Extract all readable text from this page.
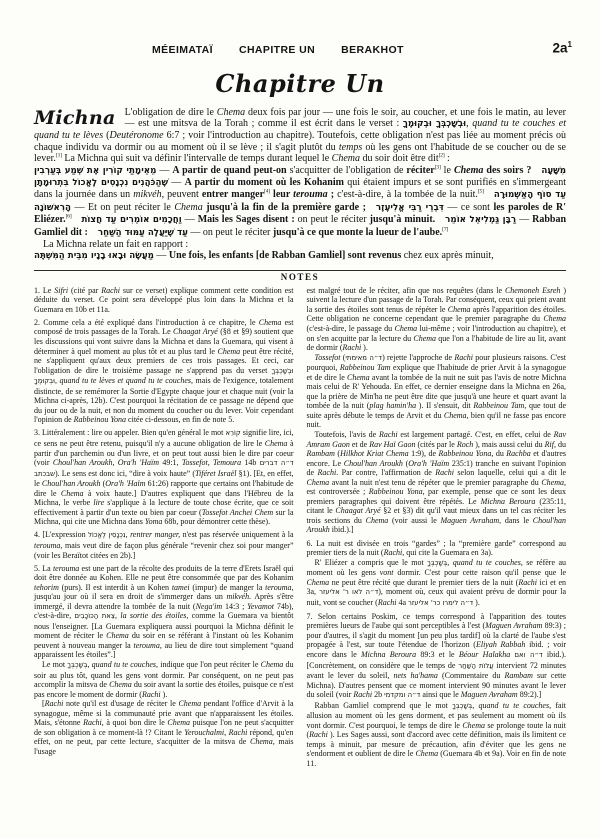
MÉEIMATAÏ CHAPITRE UN BERAKHOT	$2a^1$
Chapitre Un
Michna L'obligation de dire le Chema deux fois par jour — une fois le soir, au coucher, et une fois le matin, au lever — est une mitsva de la Torah ; comme il est écrit dans le verset : וּבְשָׁכְבְּךָ וּבְקוּמֶךָ, quand tu te couches et quand tu te lèves (Deutéronome 6:7 ; voir l'introduction au chapitre). Toutefois, cette obligation n'est pas liée au moment précis où chaque individu va dormir ou au moment où il se lève ; il s'agit plutôt du temps où les gens ont l'habitude de se coucher ou de se lever.[1] La Michna qui suit va définir l'intervalle de temps durant lequel le Chema du soir doit être dit[2] :

מֵאֵימָתַי קוֹרִין אֶת שְׁמַע בְּעַרְבִין — A partir de quand peut-on s'acquitter de l'obligation de réciter[3] le Chema des soirs ?   מִשָּׁעָה שֶׁהַכֹּהֲנִים נִכְנָסִים לֶאֱכוֹל בִּתְרוּמָתָן — A partir du moment où les Kohanim qui étaient impurs et se sont purifiés en s'immergeant dans la journée dans un mikvéh, peuvent entrer manger[4] leur terouma ; c'est-à-dire, à la tombée de la nuit.[5]   עַד סוֹף הָאַשְׁמוּרָה הָרִאשׁוֹנָה — Et on peut réciter le Chema jusqu'à la fin de la première garde ;   דִּבְרֵי רַבִּי אֱלִיעֶזֶר — ce sont les paroles de R' Eliézer.[6]   וַחֲכָמִים אוֹמְרִים עַד חֲצוֹת — Mais les Sages disent : on peut le réciter jusqu'à minuit.   רַבָּן גַּמְלִיאֵל אוֹמֵר — Rabban Gamliel dit :   עַד שֶׁיַּעֲלֶה עַמּוּד הַשַּׁחַר — on peut le réciter jusqu'à ce que monte la lueur de l'aube.[7]

La Michna relate un fait en rapport :

מַעֲשֶׂה וּבָאוּ בָנָיו מִבֵּית הַמִּשְׁתֶּה — Une fois, les enfants [de Rabban Gamliel] sont revenus chez eux après minuit,

NOTES

1. Le Sifri (cité par Rachi sur ce verset) explique comment cette condition est déduite du verset. Ce point sera développé plus loin dans la Michna et la Guemara en 10b et 11a.

2. Comme cela a été expliqué dans l'introduction à ce chapitre, le Chema est composé de trois passages de la Torah. Le Chaagat Aryé (§8 et §9) soutient que les discussions qui vont suivre dans la Michna et dans la Guemara, qui visent à déterminer à quel moment au plus tôt et au plus tard le Chema peut être récité, ne s'appliquent qu'aux deux premiers de ces trois passages. Et ceci, car l'obligation de dire le troisième passage ne s'apprend pas du verset וּבְשָׁכְבְּךָ וּבְקוּמֶךָ, quand tu te lèves et quand tu te couches, mais de l'exigence, totalement distincte, de se remémorer la Sortie d'Egypte chaque jour et chaque nuit (voir la Michna ci-après, 12b). C'est pourquoi la récitation de ce passage ne dépend que du jour ou de la nuit, et non du moment du coucher ou du lever. Voir cependant l'opinion de Rabbeinou Yona citée ci-dessous, en fin de note 5.

3. Littéralement : lire ou appeler. Bien qu'en général le mot קוֹרֵא signifie lire, ici, ce sens ne peut être retenu, puisqu'il n'y a aucune obligation de lire le Chema à partir d'un parchemin ou d'un livre, et on peut tout aussi bien le dire par coeur (voir Choul'han Aroukh, Ora'h 'Haïm 49:1, Tossefot, Temoura 14b ד״ה דברים שבכתב). Le sens est donc ici, “dire à voix haute” (Tiféret Israël §1). [Et, en effet, le Choul'han Aroukh (Ora'h 'Haïm 61:26) rapporte que certains ont l'habitude de dire le Chema à voix haute.] D'autres expliquent que dans l'Hébreu de la Michna, le verbe lire s'applique à la lecture de toute chose écrite, que ce soit effectivement à partir d'un texte ou bien par coeur (Tossefot Anchei Chem sur la Michna, qui cite une Michna dans Yoma 68b, pour démontrer cette thèse).

4. [L'expression נִכְנָסִין לֶאֱכוֹל, rentrer manger, n'est pas réservée uniquement à la terouma, mais veut dire de façon plus générale “revenir chez soi pour manger” (voir les Beraïtot citées en 2b).]

5. La terouma est une part de la récolte des produits de la terre d'Erets Israël qui doit être donnée au Kohen. Elle ne peut être consommée que par des Kohanim tehorim (purs). Il est interdit à un Kohen tamei (impur) de manger la terouma, jusqu'au jour où il sera en droit de s'immerger dans un mikvéh. Après s'être immergé, il devra attendre la tombée de la nuit (Nega'im 14:3 ; Yevamot 74b), c'est-à-dire, צֵאת הַכּוֹכָבִים, la sortie des étoiles, comme la Guemara va bientôt nous l'enseigner. [La Guemara expliquera aussi pourquoi la Michna définit le moment de réciter le Chema du soir en se référant à l'instant où les Kohanim peuvent à nouveau manger la terouma, au lieu de dire tout simplement “quand apparaissent les étoiles”.]

Le mot בְּשָׁכְבְּךָ, quand tu te couches, indique que l'on peut réciter le Chema du soir au plus tôt, quand les gens vont dormir. Par conséquent, on ne peut pas accomplir la mitsva de Chema du soir avant la sortie des étoiles, puisque ce n'est pas encore le moment de dormir (Rachi ).

[Rachi note qu'il est d'usage de réciter le Chema pendant l'office d'Arvit à la synagogue, même si la communauté prie avant que n'apparaissent les étoiles. Mais, s'étonne Rachi, à quoi bon dire le Chema puisque l'on ne peut s'acquitter de son obligation à ce moment-là !? Citant le Yerouchalmi, Rachi répond, qu'en effet, on ne peut, par cette lecture, s'acquitter de la mitsva de Chema, mais l'usage

est malgré tout de le réciter, afin que nos requêtes (dans le Chemoneh Esreh ) suivent la lecture d'un passage de la Torah. Par conséquent, ceux qui prient avant la sortie des étoiles sont tenus de répéter le Chema après l'apparition des étoiles. Cette obligation ne concerne cependant que le premier paragraphe du Chema (c'est-à-dire, le passage du Chema lui-même ; voir l'introduction au chapitre), et on s'en acquitte par la lecture du Chema que l'on a l'habitude de lire au lit, avant de dormir (Rachi ).

Tossefot (ד״ה מאימתי) rejette l'approche de Rachi pour plusieurs raisons. C'est pourquoi, Rabbeinou Tam explique que l'habitude de prier Arvit à la synagogue et de dire le Chema avant la tombée de la nuit ne suit pas l'avis de notre Michna mais celui de R' Yehouda. En effet, ce dernier enseigne dans la Michna en 26a, que la prière de Min'ha ne peut être dite que jusqu'à une heure et quart avant la tombée de la nuit (plag hamin'ha ). Il s'ensuit, dit Rabbeinou Tam, que tout de suite après débute le temps de Arvit et du Chema, bien qu'il ne fasse pas encore nuit.

Toutefois, l'avis de Rachi est largement partagé. C'est, en effet, celui de Rav Amram Gaon et de Rav Haï Gaon (cités par le Roch ), mais aussi celui du Rif, du Rambam (Hilkhot Kriat Chema 1:9), de Rabbeinou Yona, du Rachba et d'autres encore. Le Choul'han Aroukh (Ora'h 'Haïm 235:1) tranche en suivant l'opinion de Rachi. Par contre, l'affirmation de Rachi selon laquelle, celui qui a dit le Chema avant la nuit n'est tenu de répéter que le premier paragraphe du Chema, est controversée ; Rabbeinou Yona, par exemple, pense que ce sont les deux premiers paragraphes qui doivent être répétés. Le Michna Beroura (235:11, citant le Chaagat Aryé §2 et §3) dit qu'il vaut mieux dans un tel cas réciter les trois sections du Chema (voir aussi le Maguen Avraham, dans le Choul'han Aroukh ibid.).]

6. La nuit est divisée en trois “gardes” ; la “première garde” correspond au premier tiers de la nuit (Rachi, qui cite la Guemara en 3a).

R' Eliézer a compris que le mot בְּשָׁכְבְּךָ, quand tu te couches, se réfère au moment où les gens vont dormir. C'est pour cette raison qu'il pense que le Chema ne peut être récité que durant le premier tiers de la nuit (Rachi ici et en 3a, ד״ה לאו ר' אליעזר), moment où, ceux qui avaient prévu de dormir pour la nuit, vont se coucher (Rachi 4a ד״ה לימרו כר' אליעזר ).

7. Selon certains Poskim, ce temps correspond à l'apparition des toutes premières lueurs de l'aube qui sont perceptibles à l'est (Maguen Avraham 89:3) ; pour d'autres, il s'agit du moment [un peu plus tardif] où la clarté de l'aube s'est propagée à l'est, sur toute l'étendue de l'horizon (Eliyah Rabbah ibid. ; voir encore dans le Michna Beroura 89:3 et le Béour Halakha ד״ה ואם ibid.). [Concrètement, on considère que le temps de עֲלוֹת הַשַּׁחַר intervient 72 minutes avant le lever du soleil, nets ha'hama (Commentaire du Rambam sur cette Michna). D'autres pensent que ce moment intervient 90 minutes avant le lever du soleil (voir Rachi 2b ד״ה ומקדמי ainsi que le Maguen Avraham 89:2).]

Rabban Gamliel comprend que le mot בְּשָׁכְבְּךָ, quand tu te couches, fait allusion au moment où les gens dorment, et pas seulement au moment où ils vont dormir. C'est pourquoi, le temps de dire le Chema se prolonge toute la nuit (Rachi ). Les Sages aussi, sont d'accord avec cette définition, mais ils limitent ce temps à minuit, par mesure de précaution, afin d'éviter que les gens ne s'endorment et oublient de dire le Chema (Guemara 4b et 9a). Voir en fin de note 11.
